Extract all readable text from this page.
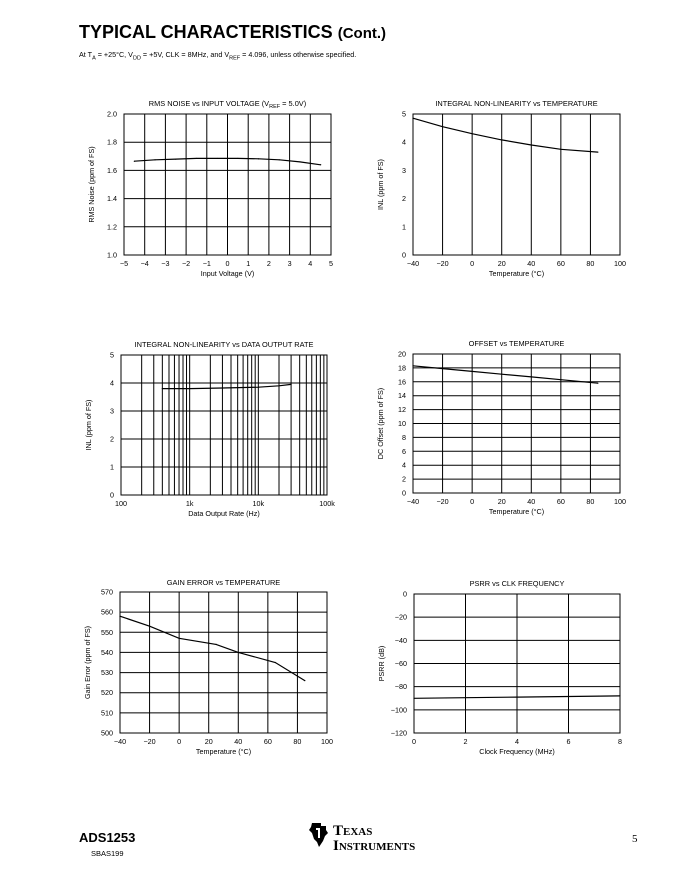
TYPICAL CHARACTERISTICS (Cont.)
At $T_A = +25^\circ C$, $V_{DD} = +5V$, CLK = 8MHz, and $V_{REF} = 4.096$, unless otherwise specified.
−5 −4 −3 −2 −1 0 1 2 3 4 5
1.0
1.2
1.4
1.6
1.8
2.0
RMS NOISE vs INPUT VOLTAGE $(V_{REF} = 5.0V)$
Input Voltage (V)
RMS Noise (ppm of FS)
−40 −20	0	20	40	60	80	100
0
1
2
3
4
5
INTEGRAL NON-LINEARITY vs TEMPERATURE
Temperature (°C)
INL (ppm of FS)
100	1k	10k	100k
0
1
2
3
4
5
INTEGRAL NON-LINEARITY vs DATA OUTPUT RATE
Data Output Rate (Hz)
INL (ppm of FS)
−40 −20	0	20	40	60	80	100
0
2
4
6
8
10
12
14
16
18
20
OFFSET vs TEMPERATURE
Temperature (°C)
DC Offset (ppm of FS)
−40 −20	0	20	40	60	80	100
500
510
520
530
540
550
560
570
GAIN ERROR vs TEMPERATURE
Temperature (°C)
Gain Error (ppm of FS)
0	2	4	6	8
−120
−100
−80
−60
−40
−20
0
PSRR vs CLK FREQUENCY
Clock Frequency (MHz)
PSRR (dB)
ADS1253
SBAS199
Texas
Instruments	5
